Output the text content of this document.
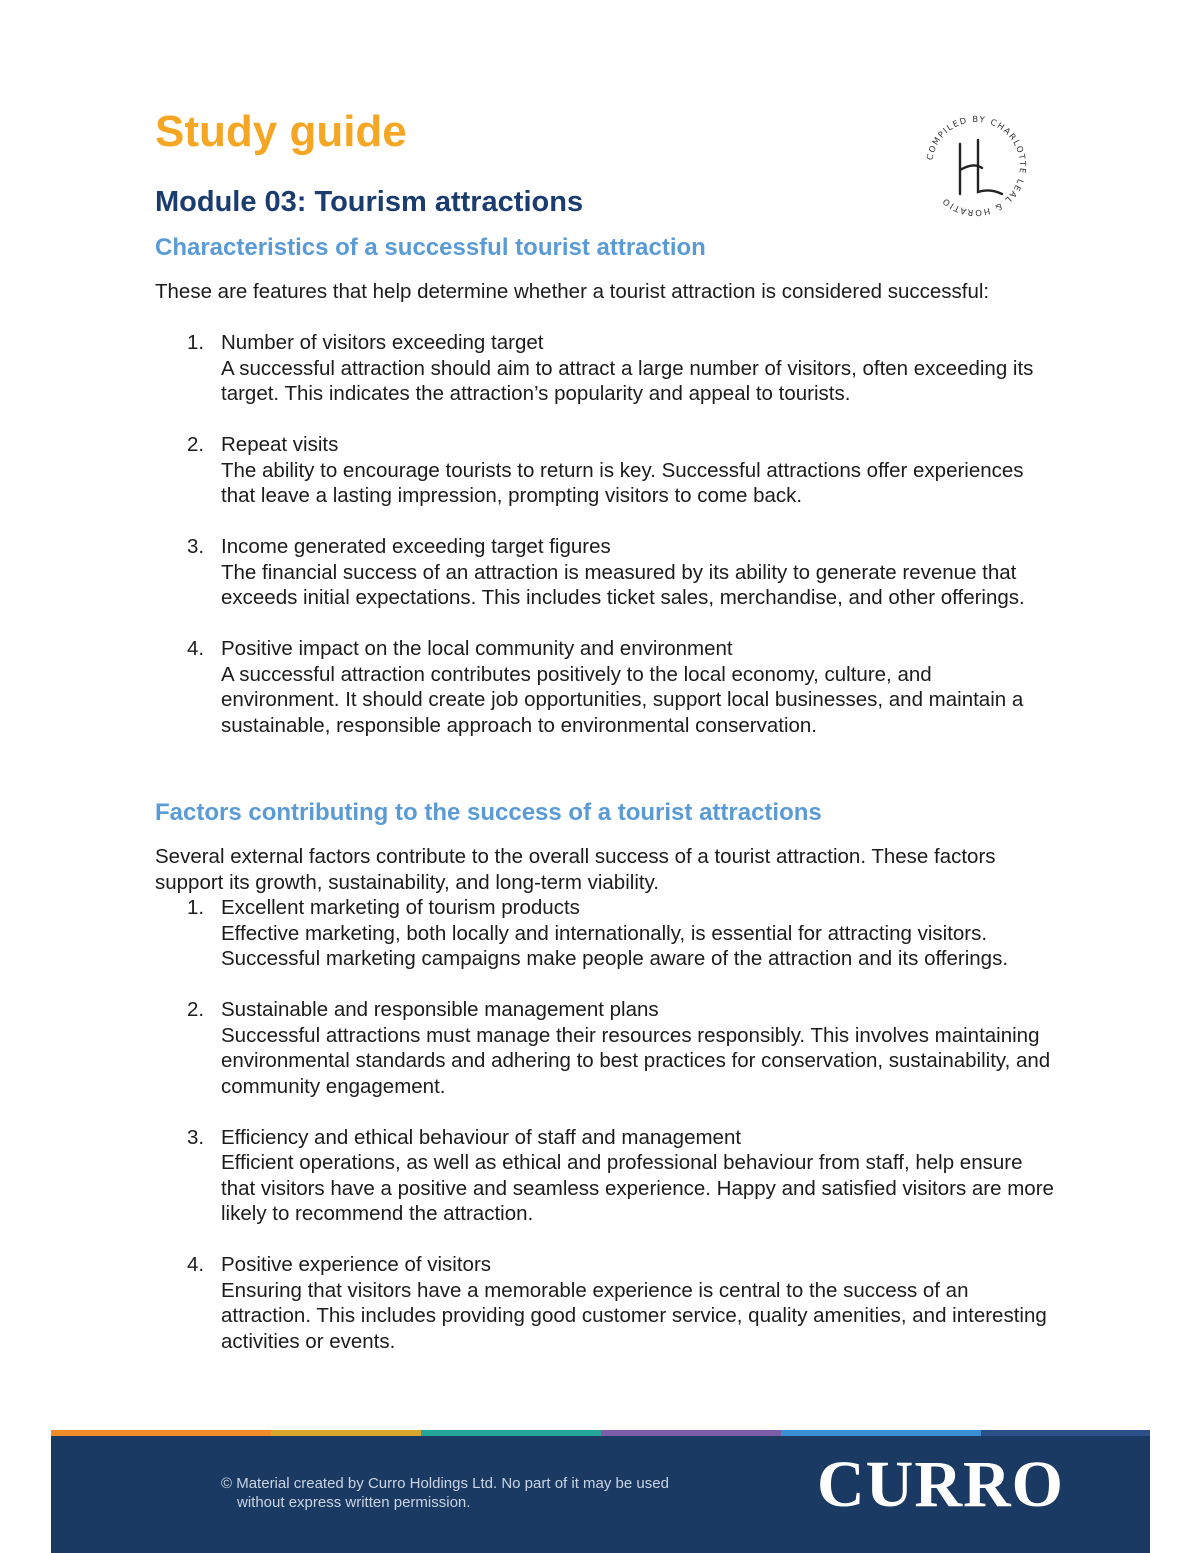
Study guide
COMPILED BY CHARLOTTE LEAL & HORATIO
Module 03: Tourism attractions
Characteristics of a successful tourist attraction

These are features that help determine whether a tourist attraction is considered successful:

1. Number of visitors exceeding target
A successful attraction should aim to attract a large number of visitors, often exceeding its target. This indicates the attraction’s popularity and appeal to tourists.
2. Repeat visits
The ability to encourage tourists to return is key. Successful attractions offer experiences that leave a lasting impression, prompting visitors to come back.
3. Income generated exceeding target figures
The financial success of an attraction is measured by its ability to generate revenue that exceeds initial expectations. This includes ticket sales, merchandise, and other offerings.
4. Positive impact on the local community and environment
A successful attraction contributes positively to the local economy, culture, and environment. It should create job opportunities, support local businesses, and maintain a sustainable, responsible approach to environmental conservation.
Factors contributing to the success of a tourist attractions

Several external factors contribute to the overall success of a tourist attraction. These factors support its growth, sustainability, and long-term viability.

1. Excellent marketing of tourism products
Effective marketing, both locally and internationally, is essential for attracting visitors. Successful marketing campaigns make people aware of the attraction and its offerings.
2. Sustainable and responsible management plans
Successful attractions must manage their resources responsibly. This involves maintaining environmental standards and adhering to best practices for conservation, sustainability, and community engagement.
3. Efficiency and ethical behaviour of staff and management
Efficient operations, as well as ethical and professional behaviour from staff, help ensure that visitors have a positive and seamless experience. Happy and satisfied visitors are more likely to recommend the attraction.
4. Positive experience of visitors
Ensuring that visitors have a memorable experience is central to the success of an attraction. This includes providing good customer service, quality amenities, and interesting activities or events.
© Material created by Curro Holdings Ltd. No part of it may be used
without express written permission.	CURRO
